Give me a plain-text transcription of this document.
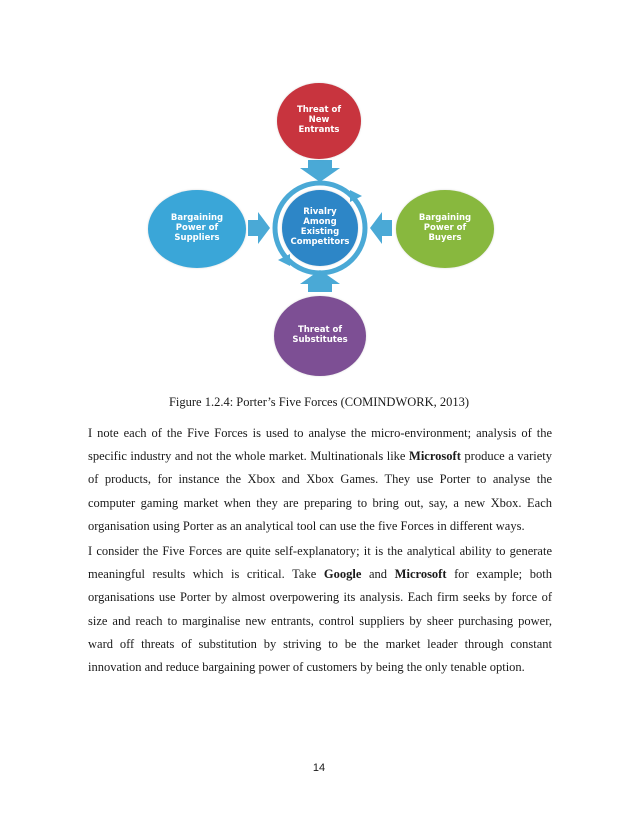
Threat of
New
Entrants
Rivalry
Among
Existing
Competitors
Bargaining
Power of
Suppliers
Bargaining
Power of
Buyers
Threat of
Substitutes
Figure 1.2.4: Porter’s Five Forces (COMINDWORK, 2013)

I note each of the Five Forces is used to analyse the micro-environment; analysis of the specific industry and not the whole market. Multinationals like Microsoft produce a variety of products, for instance the Xbox and Xbox Games. They use Porter to analyse the computer gaming market when they are preparing to bring out, say, a new Xbox. Each organisation using Porter as an analytical tool can use the five Forces in different ways.

I consider the Five Forces are quite self-explanatory; it is the analytical ability to generate meaningful results which is critical. Take Google and Microsoft for example; both organisations use Porter by almost overpowering its analysis. Each firm seeks by force of size and reach to marginalise new entrants, control suppliers by sheer purchasing power, ward off threats of substitution by striving to be the market leader through constant innovation and reduce bargaining power of customers by being the only tenable option.

14
